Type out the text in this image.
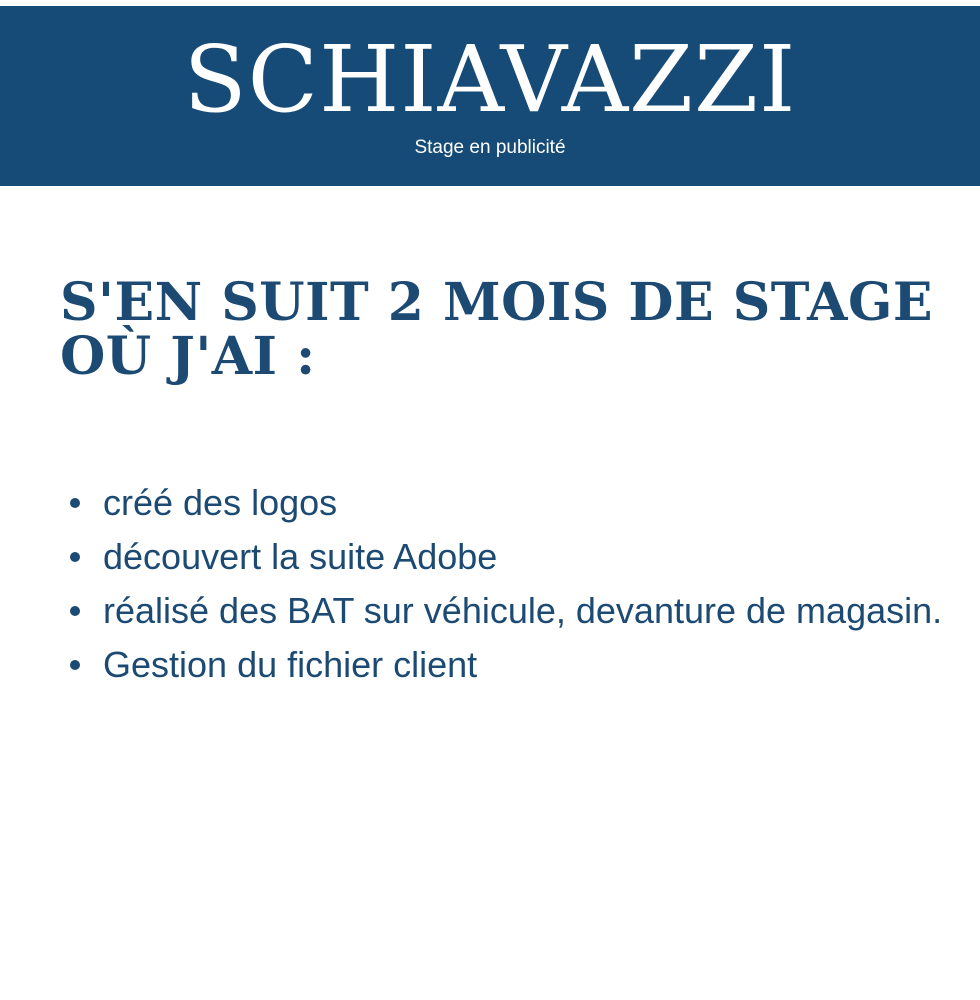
SCHIAVAZZI
Stage en publicité
S'EN SUIT 2 MOIS DE STAGE
OÙ J'AI :
créé des logos
découvert la suite Adobe
réalisé des BAT sur véhicule, devanture de magasin.
Gestion du fichier client
